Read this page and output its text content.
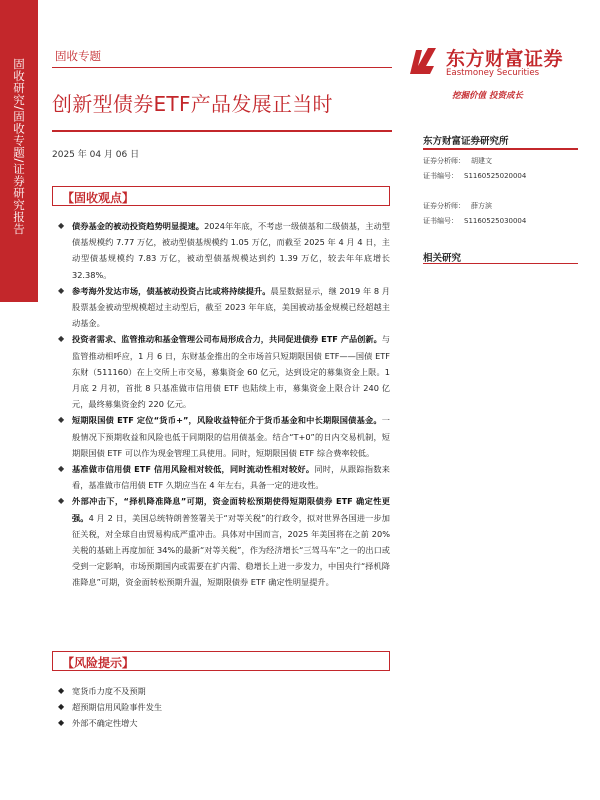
固收研究/固收专题/证券研究报告
固收专题
创新型债券ETF产品发展正当时
2025 年 04 月 06 日
【固收观点】
◆ 债券基金的被动投资趋势明显提速。2024年年底，不考虑一级债基和二级债基，主动型债基规模约 7.77 万亿，被动型债基规模约 1.05 万亿，而截至 2025 年 4 月 4 日，主动型债基规模约 7.83 万亿，被动型债基规模达到约 1.39 万亿，较去年年底增长 32.38%。
◆ 参考海外发达市场，债基被动投资占比或将持续提升。晨星数据显示，继 2019 年 8 月股票基金被动型规模超过主动型后，截至 2023 年年底，美国被动基金规模已经超越主动基金。
◆ 投资者需求、监管推动和基金管理公司布局形成合力，共同促进债券 ETF 产品创新。与监管推动相呼应，1 月 6 日，东财基金推出的全市场首只短期限国债 ETF——国债 ETF 东财（511160）在上交所上市交易，募集资金 60 亿元，达到设定的募集资金上限。1 月底 2 月初，首批 8 只基准做市信用债 ETF 也陆续上市，募集资金上限合计 240 亿元，最终募集资金约 220 亿元。
◆ 短期限国债 ETF 定位“货币+”，风险收益特征介于货币基金和中长期限国债基金。一般情况下预期收益和风险也低于同期限的信用债基金。结合“T+0”的日内交易机制，短期限国债 ETF 可以作为现金管理工具使用。同时，短期限国债 ETF 综合费率较低。
◆ 基准做市信用债 ETF 信用风险相对较低，同时流动性相对较好。同时，从跟踪指数来看，基准做市信用债 ETF 久期应当在 4 年左右，具备一定的进攻性。
◆ 外部冲击下，“择机降准降息”可期，资金面转松预期使得短期限债券 ETF 确定性更强。4 月 2 日，美国总统特朗普签署关于“对等关税”的行政令，拟对世界各国进一步加征关税，对全球自由贸易构成严重冲击。具体对中国而言，2025 年美国将在之前 20%关税的基础上再度加征 34%的最新“对等关税”，作为经济增长“三驾马车”之一的出口或受到一定影响，市场预期国内或需要在扩内需、稳增长上进一步发力，中国央行“择机降准降息”可期，资金面转松预期升温，短期限债券 ETF 确定性明显提升。
【风险提示】
◆ 宽货币力度不及预期
◆ 超预期信用风险事件发生
◆ 外部不确定性增大
东方财富证券
Eastmoney Securities
挖掘价值 投资成长
东方财富证券研究所
证券分析师： 胡建文
证书编号： S1160525020004
证券分析师： 薛方滨
证书编号： S1160525030004
相关研究
